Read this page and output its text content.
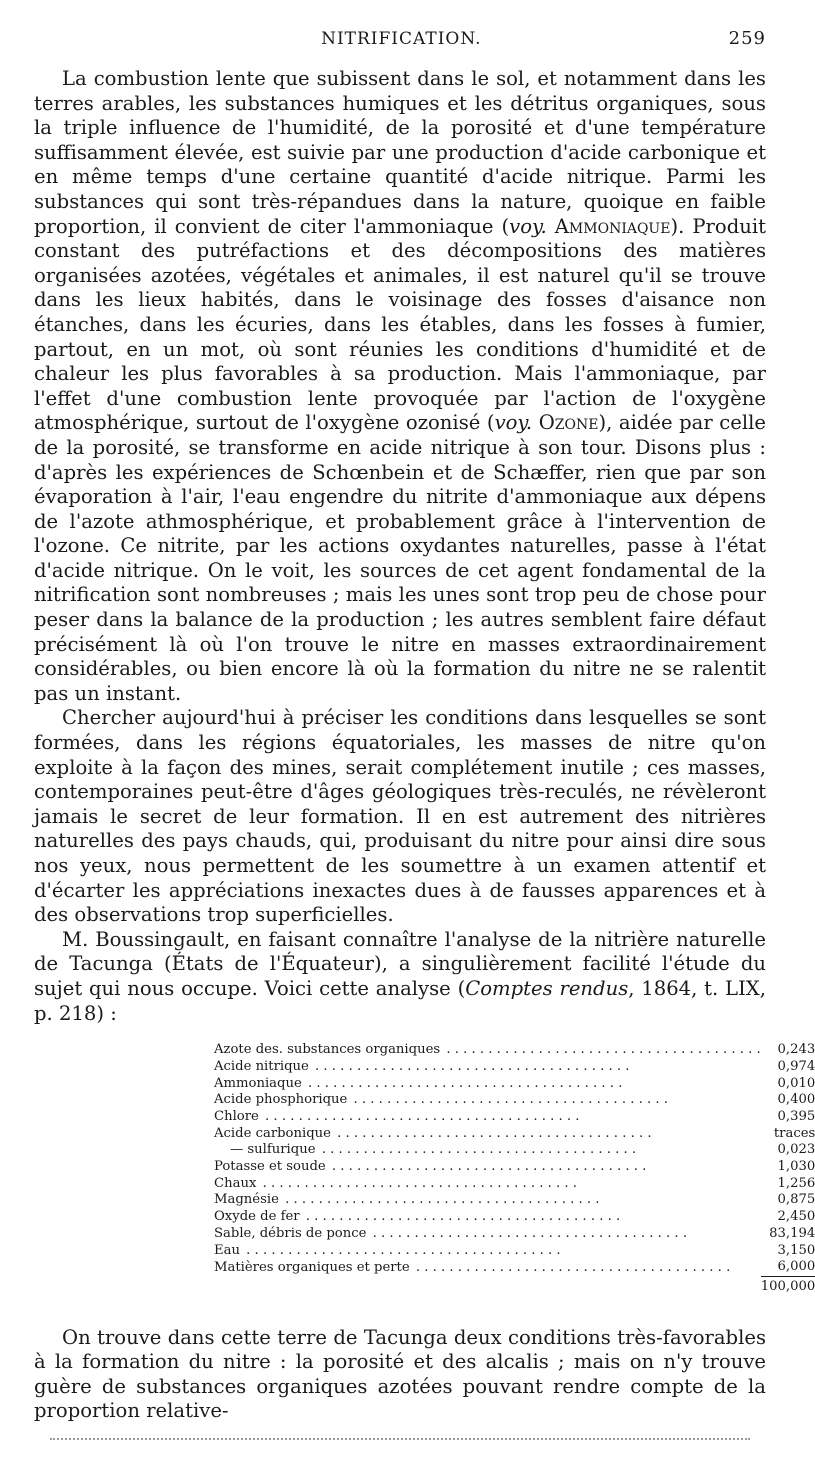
NITRIFICATION.	259

La combustion lente que subissent dans le sol, et notamment dans les terres arables, les substances humiques et les détritus organiques, sous la triple influence de l'humidité, de la porosité et d'une température suffisamment élevée, est suivie par une production d'acide carbonique et en même temps d'une certaine quantité d'acide nitrique. Parmi les substances qui sont très-répandues dans la nature, quoique en faible proportion, il convient de citer l'ammoniaque (voy. Ammoniaque). Produit constant des putréfactions et des décompositions des matières organisées azotées, végétales et animales, il est naturel qu'il se trouve dans les lieux habités, dans le voisinage des fosses d'aisance non étanches, dans les écuries, dans les étables, dans les fosses à fumier, partout, en un mot, où sont réunies les conditions d'humidité et de chaleur les plus favorables à sa production. Mais l'ammoniaque, par l'effet d'une combustion lente provoquée par l'action de l'oxygène atmosphérique, surtout de l'oxygène ozonisé (voy. Ozone), aidée par celle de la porosité, se transforme en acide nitrique à son tour. Disons plus : d'après les expériences de Schœnbein et de Schæffer, rien que par son évaporation à l'air, l'eau engendre du nitrite d'ammoniaque aux dépens de l'azote athmosphérique, et probablement grâce à l'intervention de l'ozone. Ce nitrite, par les actions oxydantes naturelles, passe à l'état d'acide nitrique. On le voit, les sources de cet agent fondamental de la nitrification sont nombreuses ; mais les unes sont trop peu de chose pour peser dans la balance de la production ; les autres semblent faire défaut précisément là où l'on trouve le nitre en masses extraordinairement considérables, ou bien encore là où la formation du nitre ne se ralentit pas un instant.

Chercher aujourd'hui à préciser les conditions dans lesquelles se sont formées, dans les régions équatoriales, les masses de nitre qu'on exploite à la façon des mines, serait complétement inutile ; ces masses, contemporaines peut-être d'âges géologiques très-reculés, ne révèleront jamais le secret de leur formation. Il en est autrement des nitrières naturelles des pays chauds, qui, produisant du nitre pour ainsi dire sous nos yeux, nous permettent de les soumettre à un examen attentif et d'écarter les appréciations inexactes dues à de fausses apparences et à des observations trop superficielles.

M. Boussingault, en faisant connaître l'analyse de la nitrière naturelle de Tacunga (États de l'Équateur), a singulièrement facilité l'étude du sujet qui nous occupe. Voici cette analyse (Comptes rendus, 1864, t. LIX, p. 218) :

Azote des. substances organiques . . .	0,243
Acide nitrique . . .	0,974
Ammoniaque . . .	0,010
Acide phosphorique . . .	0,400
Chlore . . .	0,395
Acide carbonique . . .	traces
— sulfurique . . .	0,023
Potasse et soude . . .	1,030
Chaux . . .	1,256
Magnésie . . .	0,875
Oxyde de fer . . .	2,450
Sable, débris de ponce . . .	83,194
Eau . . .	3,150
Matières organiques et perte . . .	6,000
	100,000

On trouve dans cette terre de Tacunga deux conditions très-favorables à la formation du nitre : la porosité et des alcalis ; mais on n'y trouve guère de substances organiques azotées pouvant rendre compte de la proportion relative-
